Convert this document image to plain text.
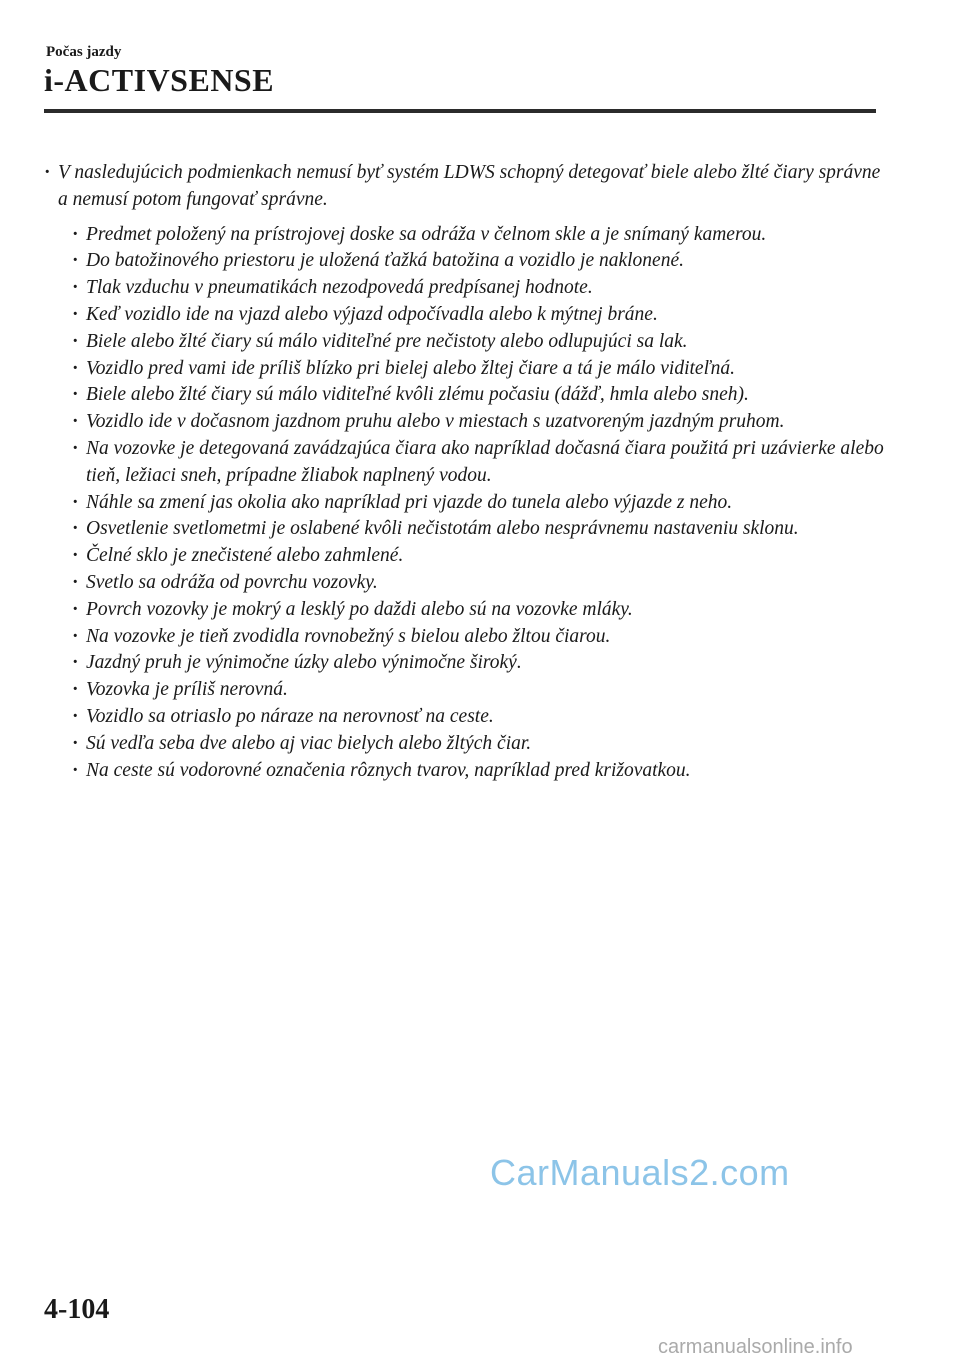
Počas jazdy
i-ACTIVSENSE
· V nasledujúcich podmienkach nemusí byť systém LDWS schopný detegovať biele alebo žlté čiary správne a nemusí potom fungovať správne.
· Predmet položený na prístrojovej doske sa odráža v čelnom skle a je snímaný kamerou.
· Do batožinového priestoru je uložená ťažká batožina a vozidlo je naklonené.
· Tlak vzduchu v pneumatikách nezodpovedá predpísanej hodnote.
· Keď vozidlo ide na vjazd alebo výjazd odpočívadla alebo k mýtnej bráne.
· Biele alebo žlté čiary sú málo viditeľné pre nečistoty alebo odlupujúci sa lak.
· Vozidlo pred vami ide príliš blízko pri bielej alebo žltej čiare a tá je málo viditeľná.
· Biele alebo žlté čiary sú málo viditeľné kvôli zlému počasiu (dážď, hmla alebo sneh).
· Vozidlo ide v dočasnom jazdnom pruhu alebo v miestach s uzatvoreným jazdným pruhom.
· Na vozovke je detegovaná zavádzajúca čiara ako napríklad dočasná čiara použitá pri uzávierke alebo tieň, ležiaci sneh, prípadne žliabok naplnený vodou.
· Náhle sa zmení jas okolia ako napríklad pri vjazde do tunela alebo výjazde z neho.
· Osvetlenie svetlometmi je oslabené kvôli nečistotám alebo nesprávnemu nastaveniu sklonu.
· Čelné sklo je znečistené alebo zahmlené.
· Svetlo sa odráža od povrchu vozovky.
· Povrch vozovky je mokrý a lesklý po daždi alebo sú na vozovke mláky.
· Na vozovke je tieň zvodidla rovnobežný s bielou alebo žltou čiarou.
· Jazdný pruh je výnimočne úzky alebo výnimočne široký.
· Vozovka je príliš nerovná.
· Vozidlo sa otriaslo po náraze na nerovnosť na ceste.
· Sú vedľa seba dve alebo aj viac bielych alebo žltých čiar.
· Na ceste sú vodorovné označenia rôznych tvarov, napríklad pred križovatkou.
CarManuals2.com
4-104
carmanualsonline.info
